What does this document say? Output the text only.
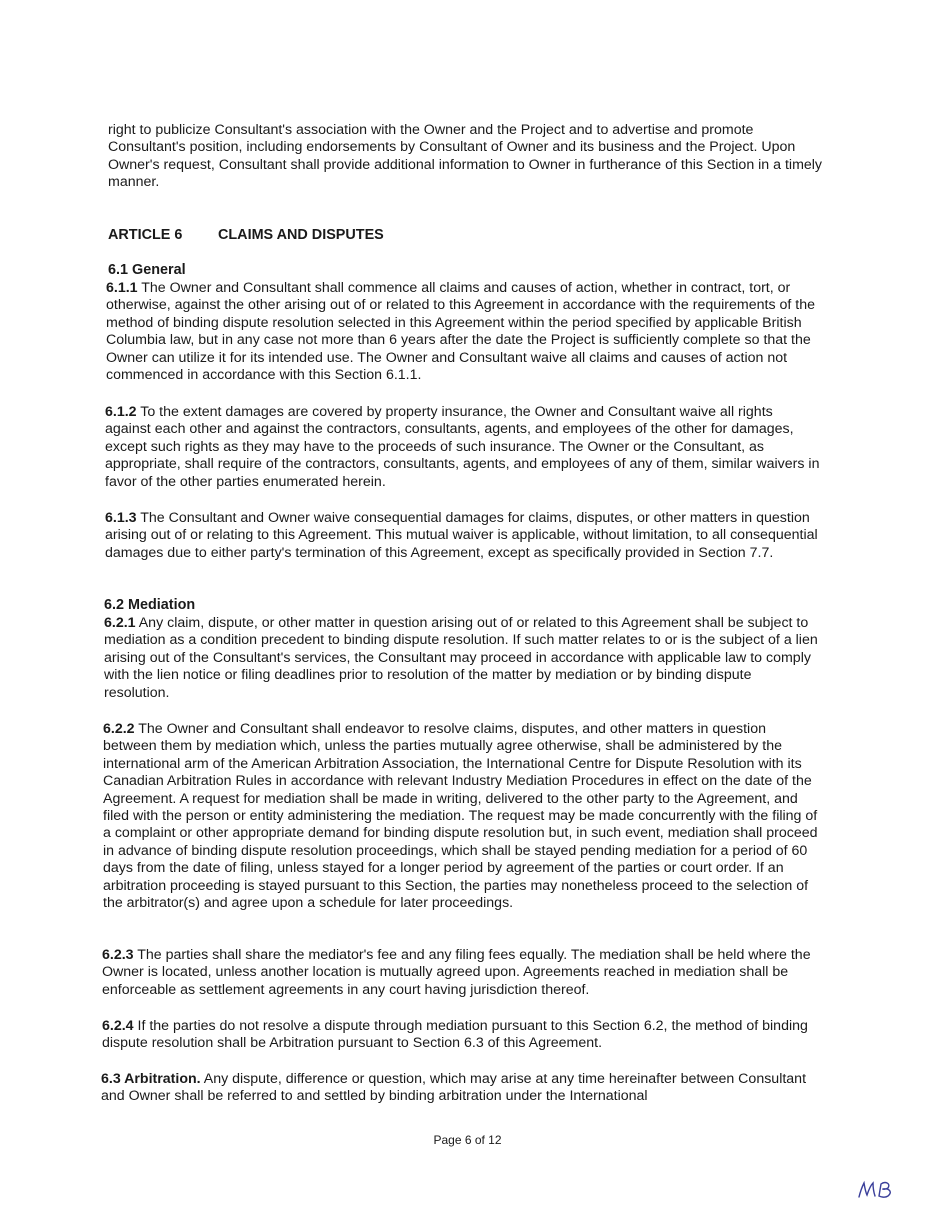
right to publicize Consultant's association with the Owner and the Project and to advertise and promote Consultant's position, including endorsements by Consultant of Owner and its business and the Project. Upon Owner's request, Consultant shall provide additional information to Owner in furtherance of this Section in a timely manner.

ARTICLE 6 CLAIMS AND DISPUTES
6.1 General

6.1.1 The Owner and Consultant shall commence all claims and causes of action, whether in contract, tort, or otherwise, against the other arising out of or related to this Agreement in accordance with the requirements of the method of binding dispute resolution selected in this Agreement within the period specified by applicable British Columbia law, but in any case not more than 6 years after the date the Project is sufficiently complete so that the Owner can utilize it for its intended use. The Owner and Consultant waive all claims and causes of action not commenced in accordance with this Section 6.1.1.

6.1.2 To the extent damages are covered by property insurance, the Owner and Consultant waive all rights against each other and against the contractors, consultants, agents, and employees of the other for damages, except such rights as they may have to the proceeds of such insurance. The Owner or the Consultant, as appropriate, shall require of the contractors, consultants, agents, and employees of any of them, similar waivers in favor of the other parties enumerated herein.

6.1.3 The Consultant and Owner waive consequential damages for claims, disputes, or other matters in question arising out of or relating to this Agreement. This mutual waiver is applicable, without limitation, to all consequential damages due to either party's termination of this Agreement, except as specifically provided in Section 7.7.

6.2 Mediation

6.2.1 Any claim, dispute, or other matter in question arising out of or related to this Agreement shall be subject to mediation as a condition precedent to binding dispute resolution. If such matter relates to or is the subject of a lien arising out of the Consultant's services, the Consultant may proceed in accordance with applicable law to comply with the lien notice or filing deadlines prior to resolution of the matter by mediation or by binding dispute resolution.

6.2.2 The Owner and Consultant shall endeavor to resolve claims, disputes, and other matters in question between them by mediation which, unless the parties mutually agree otherwise, shall be administered by the international arm of the American Arbitration Association, the International Centre for Dispute Resolution with its Canadian Arbitration Rules in accordance with relevant Industry Mediation Procedures in effect on the date of the Agreement. A request for mediation shall be made in writing, delivered to the other party to the Agreement, and filed with the person or entity administering the mediation. The request may be made concurrently with the filing of a complaint or other appropriate demand for binding dispute resolution but, in such event, mediation shall proceed in advance of binding dispute resolution proceedings, which shall be stayed pending mediation for a period of 60 days from the date of filing, unless stayed for a longer period by agreement of the parties or court order. If an arbitration proceeding is stayed pursuant to this Section, the parties may nonetheless proceed to the selection of the arbitrator(s) and agree upon a schedule for later proceedings.

6.2.3 The parties shall share the mediator's fee and any filing fees equally. The mediation shall be held where the Owner is located, unless another location is mutually agreed upon. Agreements reached in mediation shall be enforceable as settlement agreements in any court having jurisdiction thereof.

6.2.4 If the parties do not resolve a dispute through mediation pursuant to this Section 6.2, the method of binding dispute resolution shall be Arbitration pursuant to Section 6.3 of this Agreement.

6.3 Arbitration. Any dispute, difference or question, which may arise at any time hereinafter between Consultant and Owner shall be referred to and settled by binding arbitration under the International

Page 6 of 12
